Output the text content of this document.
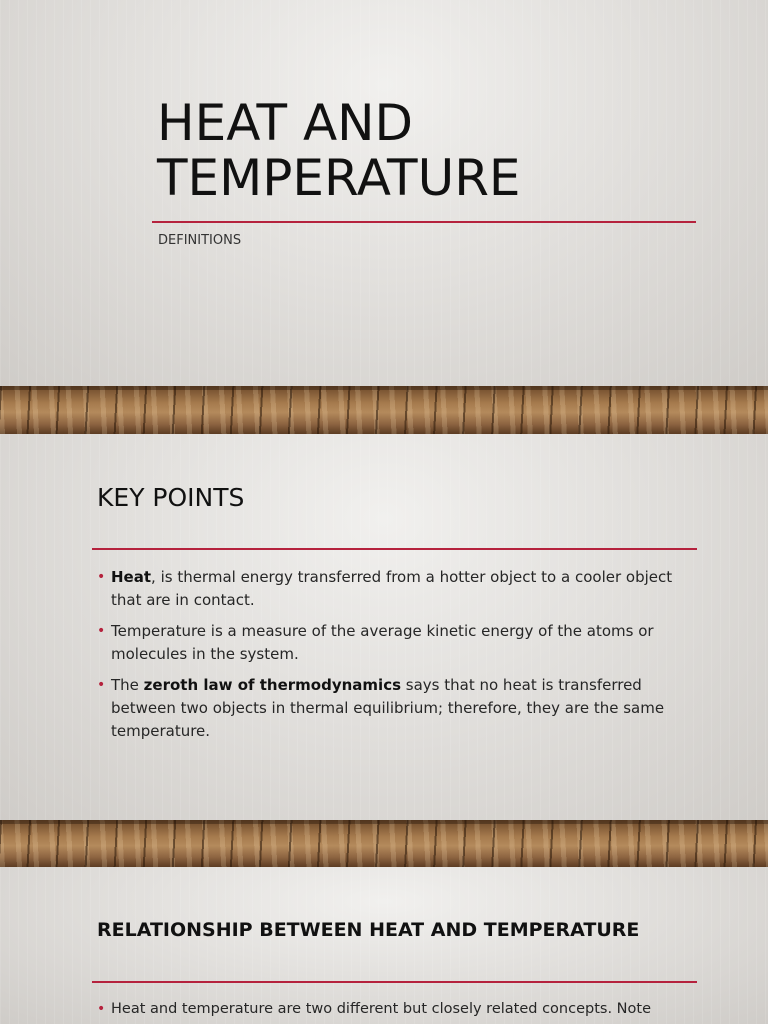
HEAT AND
TEMPERATURE
DEFINITIONS
KEY POINTS
• Heat, is thermal energy transferred from a hotter object to a cooler object that are in contact.
• Temperature is a measure of the average kinetic energy of the atoms or molecules in the system.
• The zeroth law of thermodynamics says that no heat is transferred between two objects in thermal equilibrium; therefore, they are the same temperature.
RELATIONSHIP BETWEEN HEAT AND TEMPERATURE
• Heat and temperature are two different but closely related concepts. Note
